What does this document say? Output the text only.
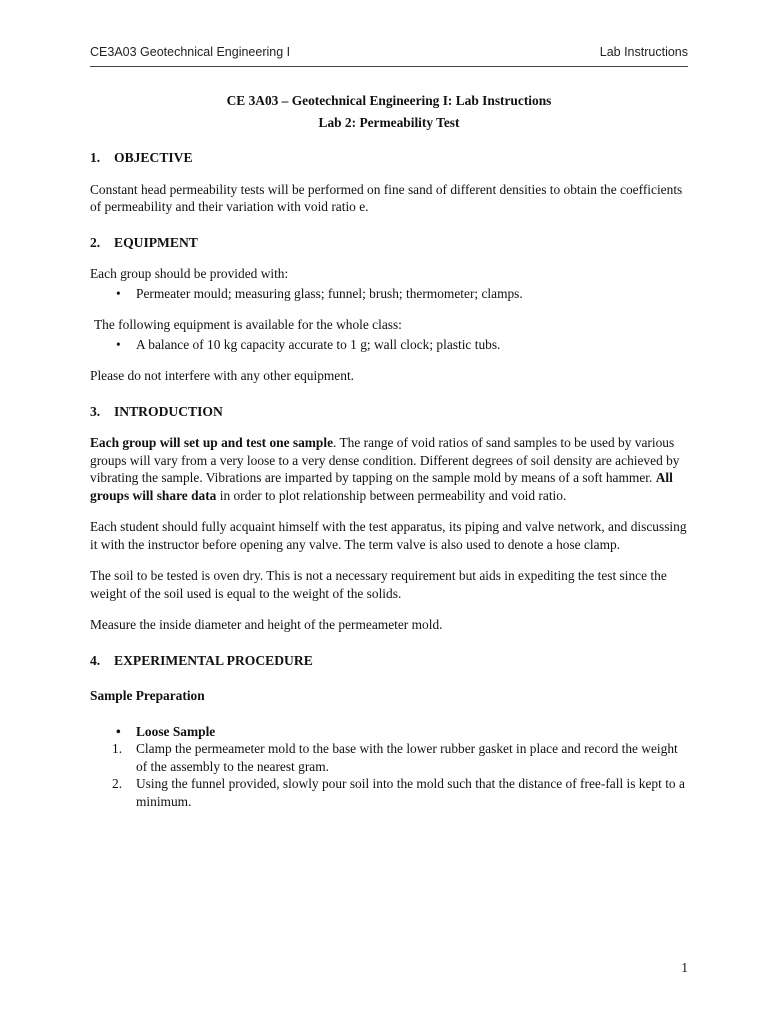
CE3A03 Geotechnical Engineering I	Lab Instructions

CE 3A03 – Geotechnical Engineering I: Lab Instructions

Lab 2: Permeability Test

1. OBJECTIVE

Constant head permeability tests will be performed on fine sand of different densities to obtain the coefficients of permeability and their variation with void ratio e.

2. EQUIPMENT

Each group should be provided with:

• Permeater mould; measuring glass; funnel; brush; thermometer; clamps.

The following equipment is available for the whole class:

• A balance of 10 kg capacity accurate to 1 g; wall clock; plastic tubs.

Please do not interfere with any other equipment.

3. INTRODUCTION

Each group will set up and test one sample. The range of void ratios of sand samples to be used by various groups will vary from a very loose to a very dense condition. Different degrees of soil density are achieved by vibrating the sample. Vibrations are imparted by tapping on the sample mold by means of a soft hammer. All groups will share data in order to plot relationship between permeability and void ratio.

Each student should fully acquaint himself with the test apparatus, its piping and valve network, and discussing it with the instructor before opening any valve. The term valve is also used to denote a hose clamp.

The soil to be tested is oven dry. This is not a necessary requirement but aids in expediting the test since the weight of the soil used is equal to the weight of the solids.

Measure the inside diameter and height of the permeameter mold.

4. EXPERIMENTAL PROCEDURE
Sample Preparation
• Loose Sample
1. Clamp the permeameter mold to the base with the lower rubber gasket in place and record the weight of the assembly to the nearest gram.
2. Using the funnel provided, slowly pour soil into the mold such that the distance of free-fall is kept to a minimum.
1
